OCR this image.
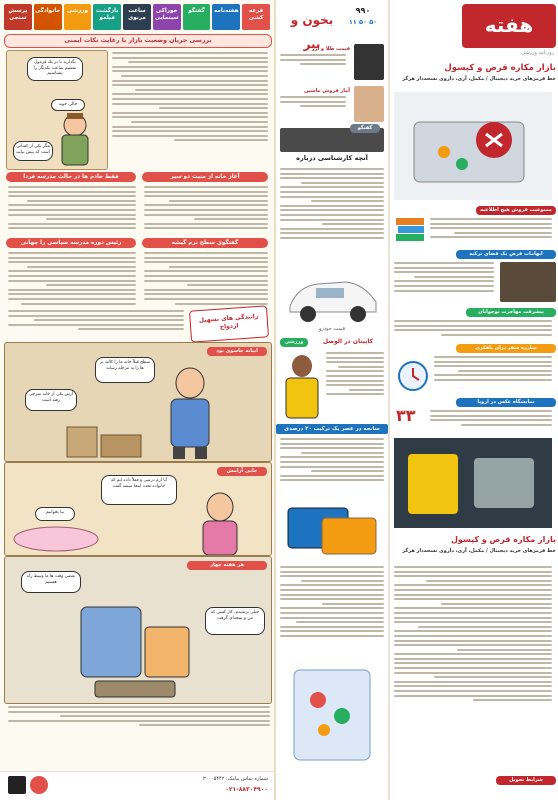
قرعه کشی
هفته‌نامه
گفتگو
خوراکی سینمایی
ساعت مرنوی
بازگشت فیلمو
ورزشی
خانوادگی
پرسش سنجی
بررسی جریان وضعیت بازار با رعایت نکات ایمنی
بگذارید تا در یک فرمول تقسیم ساعت یکدیگر را بشناسیم
خالی خوند
مگر یکی از کسانی است که پیش بیایند
آغاز خانه از منبت دو سیر
فقط خادم ها در حالت مدرسه فردا
گفتگوی سطح نرم گیشه
رئیس دوره مدرسه سیاسی را جهانی
رانندگی های تسهیل ازدواج
ابیانه جاسوی بود
سطح قبلاً خانه ما را کالبد تر ها را به مرحله رساند
آرش یکی از خانه سرچی رفته است
جایی آرامش
آیا ازم درسی و فعلاً داده ایم که خانواده تحت اینجا میشه گفت
بیا بخوابیم
هر هفته چهار
بعضی وقت ها ما وسط راه هستیم
خیلی ترسیدم. کار کسی که من و نتیجه‌ای گرفت
شماره تماس پیامک: ۳۰۰۰۵۴۴۲
۰۲۱-۸۸۳۰۴۹۰۰
بخون و ببر
۹۹۰
۵۰ ۵۰ ۱۱
قیمت طلا و ارز
آمار فروش ماشین
گفتگو
آنچه کارشناسی درباره
قیمت خودرو
ورزشی	کاپیتان در الوصل
سانحه در عصر یک ترکیب ۲۰ درصدی
هفته
روزنامه ورزشی
بازار مکاره قرص و کپسول
خط قرمزهای خرید دیجیتال / مکمل، آری، داروی نسخه‌دار هرگز
ممنوعیت فروش هیچ اطلاعیه
ابهامات فرض یک فضای ترکیه
پیشرفت مهاجرت نوجوانان
مبارزه سفر برای بافکری
نمایشگاه عکس در اروپا
۳۳
بازار مکاره قرص و کپسول
خط قرمزهای خرید دیجیتال / مکمل، آری، داروی نسخه‌دار هرگز
شرایط تحویل
